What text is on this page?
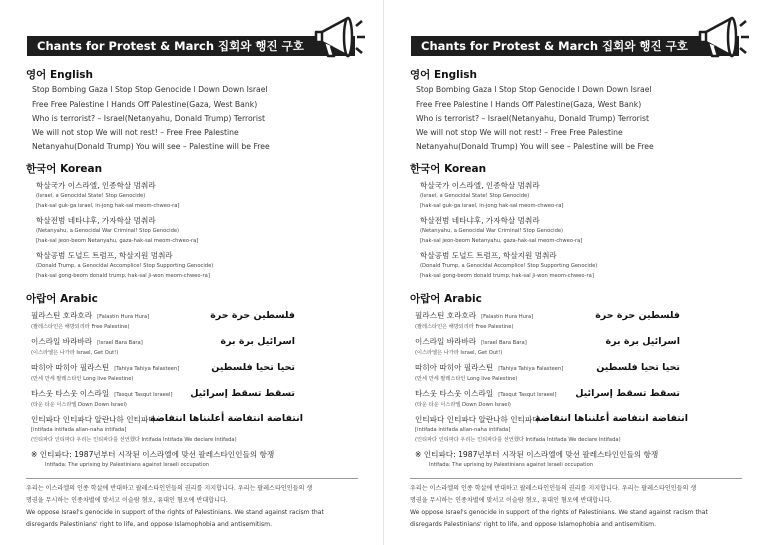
Chants for Protest & March 집회와 행진 구호
영어 English
Stop Bombing Gaza l Stop Stop Genocide l Down Down Israel
Free Free Palestine l Hands Off Palestine(Gaza, West Bank)
Who is terrorist? – Israel(Netanyahu, Donald Trump) Terrorist
We will not stop We will not rest! – Free Free Palestine
Netanyahu(Donald Trump) You will see – Palestine will be Free
한국어 Korean
학살국가 이스라엘, 인종학살 멈춰라
(Israel, a Genocidal State! Stop Genocide)
[hak-sal guk-ga israel, in-jong hak-sal meom-chweo-ra]
학살전범 네타냐후, 가자학살 멈춰라
(Netanyahu, a Genocidal War Criminal! Stop Genocide)
[hak-sal jeon-beom Netanyahu, gaza-hak-sal meom-chweo-ra]
학살공범 도널드 트럼프, 학살지원 멈춰라
(Donald Trump, a Genocidal Accomplice! Stop Supporting Genocide)
[hak-sal gong-beom donald trump, hak-sal ji-won meom-chweo-ra]
아랍어 Arabic
필라스틴 호라호라 [Falastin Hura Hura]
(팔레스타인은 해방되리라 Free Palestine)
فلسطين حرة حرة
이스라일 바라바라 [Israel Bara Bara]
(이스라엘은 나가라 Israel, Get Out!)
اسرائيل برة برة
따히아 따히아 필라스틴 [Tahiya Tahiya Falasteen]
(만세 만세 팔레스타인 Long live Palestine)
تحيا تحيا فلسطين
타스웃 타스웃 이스라일 [Tasqut Tasqut Israeel]
(타운 타운 이스라엘 Down Down Israel)
تسقط تسقط إسرائيل
인티파다 인티파다 알란나하 인티파다
[intifada intifada allan-naha intifada]
(인티파다 인티파다 우리는 인티파다를 선언했다 Intifada Intifada We declare Intifada)
انتفاضة انتفاضة أعلنناها انتفاضة
※ 인티파다: 1987년부터 시작된 이스라엘에 맞선 팔레스타인인들의 항쟁
Intifada: The uprising by Palestinians against Israeli occupation
우리는 이스라엘의 인종 학살에 반대하고 팔레스타인인들의 권리를 지지합니다. 우리는 팔레스타인인들의 생
명권을 무시하는 인종차별에 맞서고 이슬람 혐오, 유대인 혐오에 반대합니다.
We oppose Israel's genocide in support of the rights of Palestinians. We stand against racism that
disregards Palestinians' right to life, and oppose Islamophobia and antisemitism.
Chants for Protest & March 집회와 행진 구호
영어 English
Stop Bombing Gaza l Stop Stop Genocide l Down Down Israel
Free Free Palestine l Hands Off Palestine(Gaza, West Bank)
Who is terrorist? – Israel(Netanyahu, Donald Trump) Terrorist
We will not stop We will not rest! – Free Free Palestine
Netanyahu(Donald Trump) You will see – Palestine will be Free
한국어 Korean
학살국가 이스라엘, 인종학살 멈춰라
(Israel, a Genocidal State! Stop Genocide)
[hak-sal guk-ga israel, in-jong hak-sal meom-chweo-ra]
학살전범 네타냐후, 가자학살 멈춰라
(Netanyahu, a Genocidal War Criminal! Stop Genocide)
[hak-sal jeon-beom Netanyahu, gaza-hak-sal meom-chweo-ra]
학살공범 도널드 트럼프, 학살지원 멈춰라
(Donald Trump, a Genocidal Accomplice! Stop Supporting Genocide)
[hak-sal gong-beom donald trump, hak-sal ji-won meom-chweo-ra]
아랍어 Arabic
필라스틴 호라호라 [Falastin Hura Hura]
(팔레스타인은 해방되리라 Free Palestine)
فلسطين حرة حرة
이스라일 바라바라 [Israel Bara Bara]
(이스라엘은 나가라 Israel, Get Out!)
اسرائيل برة برة
따히아 따히아 필라스틴 [Tahiya Tahiya Falasteen]
(만세 만세 팔레스타인 Long live Palestine)
تحيا تحيا فلسطين
타스웃 타스웃 이스라일 [Tasqut Tasqut Israeel]
(타운 타운 이스라엘 Down Down Israel)
تسقط تسقط إسرائيل
인티파다 인티파다 알란나하 인티파다
[intifada intifada allan-naha intifada]
(인티파다 인티파다 우리는 인티파다를 선언했다 Intifada Intifada We declare Intifada)
انتفاضة انتفاضة أعلنناها انتفاضة
※ 인티파다: 1987년부터 시작된 이스라엘에 맞선 팔레스타인인들의 항쟁
Intifada: The uprising by Palestinians against Israeli occupation
우리는 이스라엘의 인종 학살에 반대하고 팔레스타인인들의 권리를 지지합니다. 우리는 팔레스타인인들의 생
명권을 무시하는 인종차별에 맞서고 이슬람 혐오, 유대인 혐오에 반대합니다.
We oppose Israel's genocide in support of the rights of Palestinians. We stand against racism that
disregards Palestinians' right to life, and oppose Islamophobia and antisemitism.
